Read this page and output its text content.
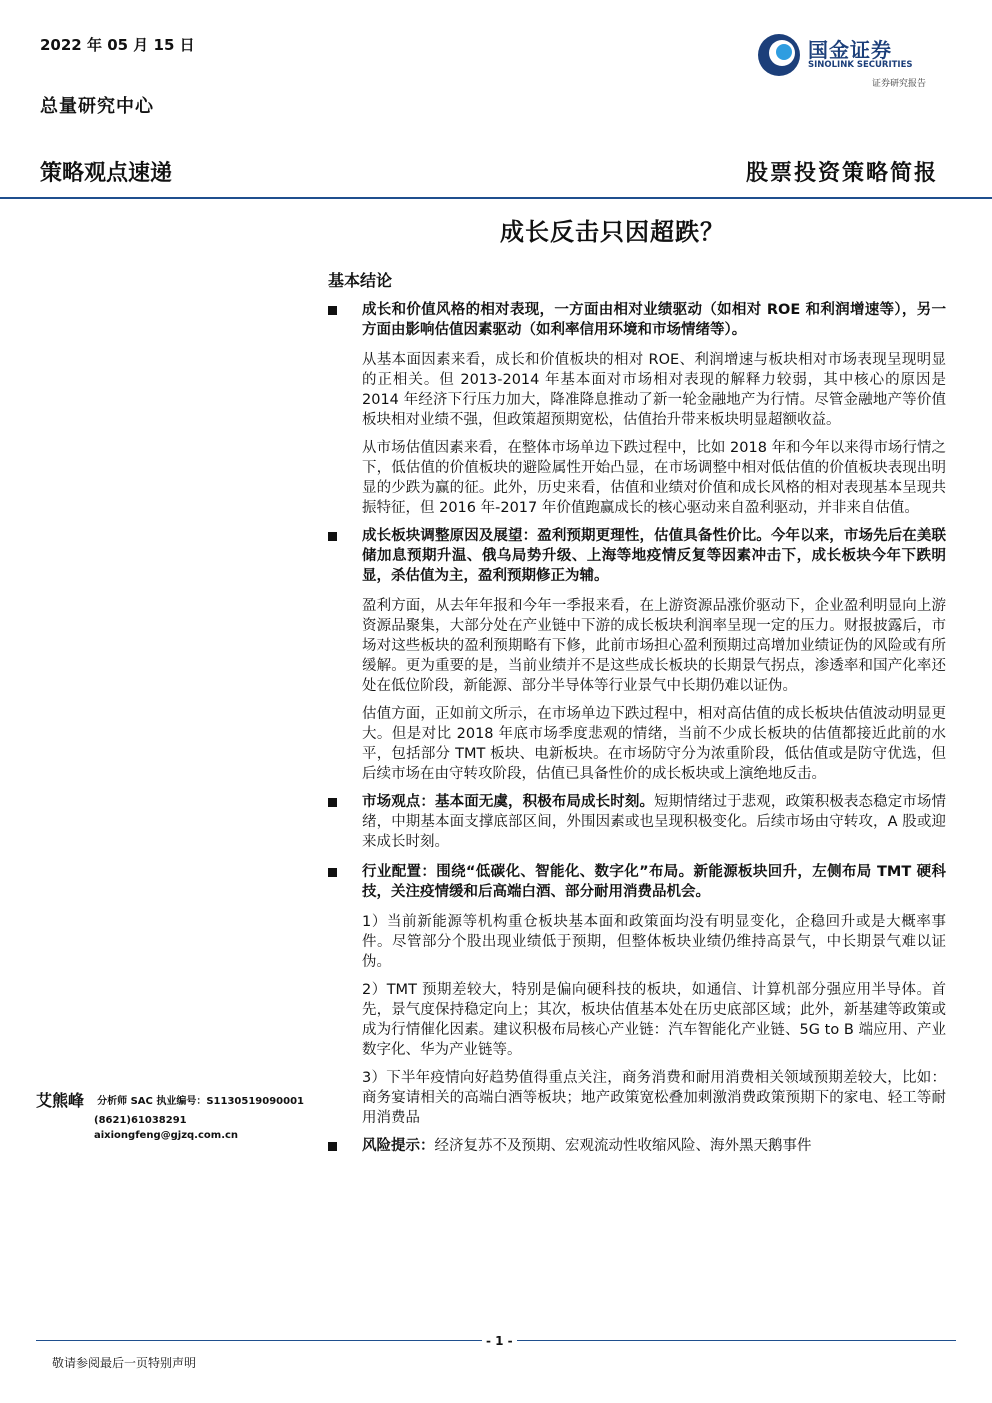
2022 年 05 月 15 日
总量研究中心
策略观点速递	股票投资策略简报
国金证券
SINOLINK SECURITIES
证券研究报告
成长反击只因超跌？
基本结论
成长和价值风格的相对表现，一方面由相对业绩驱动（如相对 ROE 和利润增速等），另一方面由影响估值因素驱动（如利率信用环境和市场情绪等）。
从基本面因素来看，成长和价值板块的相对 ROE、利润增速与板块相对市场表现呈现明显的正相关。但 2013-2014 年基本面对市场相对表现的解释力较弱，其中核心的原因是 2014 年经济下行压力加大，降准降息推动了新一轮金融地产为行情。尽管金融地产等价值板块相对业绩不强，但政策超预期宽松，估值抬升带来板块明显超额收益。
从市场估值因素来看，在整体市场单边下跌过程中，比如 2018 年和今年以来得市场行情之下，低估值的价值板块的避险属性开始凸显，在市场调整中相对低估值的价值板块表现出明显的少跌为赢的征。此外，历史来看，估值和业绩对价值和成长风格的相对表现基本呈现共振特征，但 2016 年-2017 年价值跑赢成长的核心驱动来自盈利驱动，并非来自估值。
成长板块调整原因及展望：盈利预期更理性，估值具备性价比。今年以来，市场先后在美联储加息预期升温、俄乌局势升级、上海等地疫情反复等因素冲击下，成长板块今年下跌明显，杀估值为主，盈利预期修正为辅。
盈利方面，从去年年报和今年一季报来看，在上游资源品涨价驱动下，企业盈利明显向上游资源品聚集，大部分处在产业链中下游的成长板块利润率呈现一定的压力。财报披露后，市场对这些板块的盈利预期略有下修，此前市场担心盈利预期过高增加业绩证伪的风险或有所缓解。更为重要的是，当前业绩并不是这些成长板块的长期景气拐点，渗透率和国产化率还处在低位阶段，新能源、部分半导体等行业景气中长期仍难以证伪。
估值方面，正如前文所示，在市场单边下跌过程中，相对高估值的成长板块估值波动明显更大。但是对比 2018 年底市场季度悲观的情绪，当前不少成长板块的估值都接近此前的水平，包括部分 TMT 板块、电新板块。在市场防守分为浓重阶段，低估值或是防守优选，但后续市场在由守转攻阶段，估值已具备性价的成长板块或上演绝地反击。
市场观点：基本面无虞，积极布局成长时刻。短期情绪过于悲观，政策积极表态稳定市场情绪，中期基本面支撑底部区间，外围因素或也呈现积极变化。后续市场由守转攻，A 股或迎来成长时刻。
行业配置：围绕“低碳化、智能化、数字化”布局。新能源板块回升，左侧布局 TMT 硬科技，关注疫情缓和后高端白酒、部分耐用消费品机会。
1）当前新能源等机构重仓板块基本面和政策面均没有明显变化，企稳回升或是大概率事件。尽管部分个股出现业绩低于预期，但整体板块业绩仍维持高景气，中长期景气难以证伪。
2）TMT 预期差较大，特别是偏向硬科技的板块，如通信、计算机部分强应用半导体。首先，景气度保持稳定向上；其次，板块估值基本处在历史底部区域；此外，新基建等政策或成为行情催化因素。建议积极布局核心产业链：汽车智能化产业链、5G to B 端应用、产业数字化、华为产业链等。
3）下半年疫情向好趋势值得重点关注，商务消费和耐用消费相关领域预期差较大，比如：商务宴请相关的高端白酒等板块；地产政策宽松叠加刺激消费政策预期下的家电、轻工等耐用消费品
风险提示：经济复苏不及预期、宏观流动性收缩风险、海外黑天鹅事件
艾熊峰 分析师 SAC 执业编号：S1130519090001
(8621)61038291
aixiongfeng@gjzq.com.cn
- 1 -
敬请参阅最后一页特别声明
